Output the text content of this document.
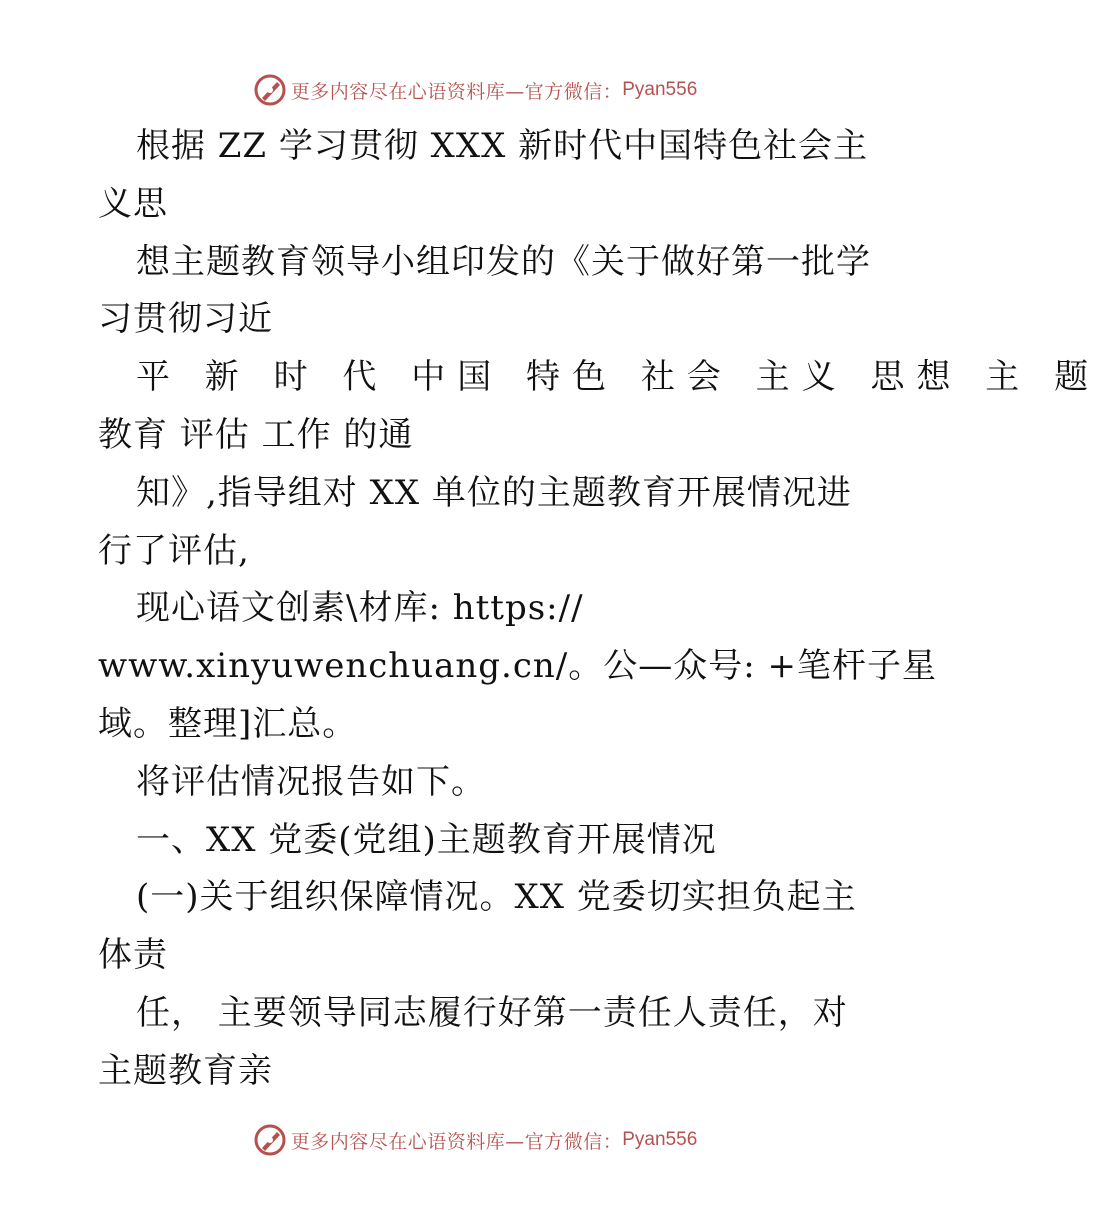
更多内容尽在心语资料库—官方微信： Pyan556
根据 ZZ 学习贯彻 XXX 新时代中国特色社会主
义思
想主题教育领导小组印发的《关于做好第一批学
习贯彻习近
平 新 时 代 中国 特色 社会 主义 思想 主 题
教育 评估 工作 的通
知》,指导组对 XX 单位的主题教育开展情况进
行了评估,
现心语文创素\材库: https://
www.xinyuwenchuang.cn/。公—众号: +笔杆子星
域。整理]汇总。
将评估情况报告如下。
一、XX 党委(党组)主题教育开展情况
(一)关于组织保障情况。XX 党委切实担负起主
体责
任， 主要领导同志履行好第一责任人责任，对
主题教育亲
更多内容尽在心语资料库—官方微信： Pyan556
